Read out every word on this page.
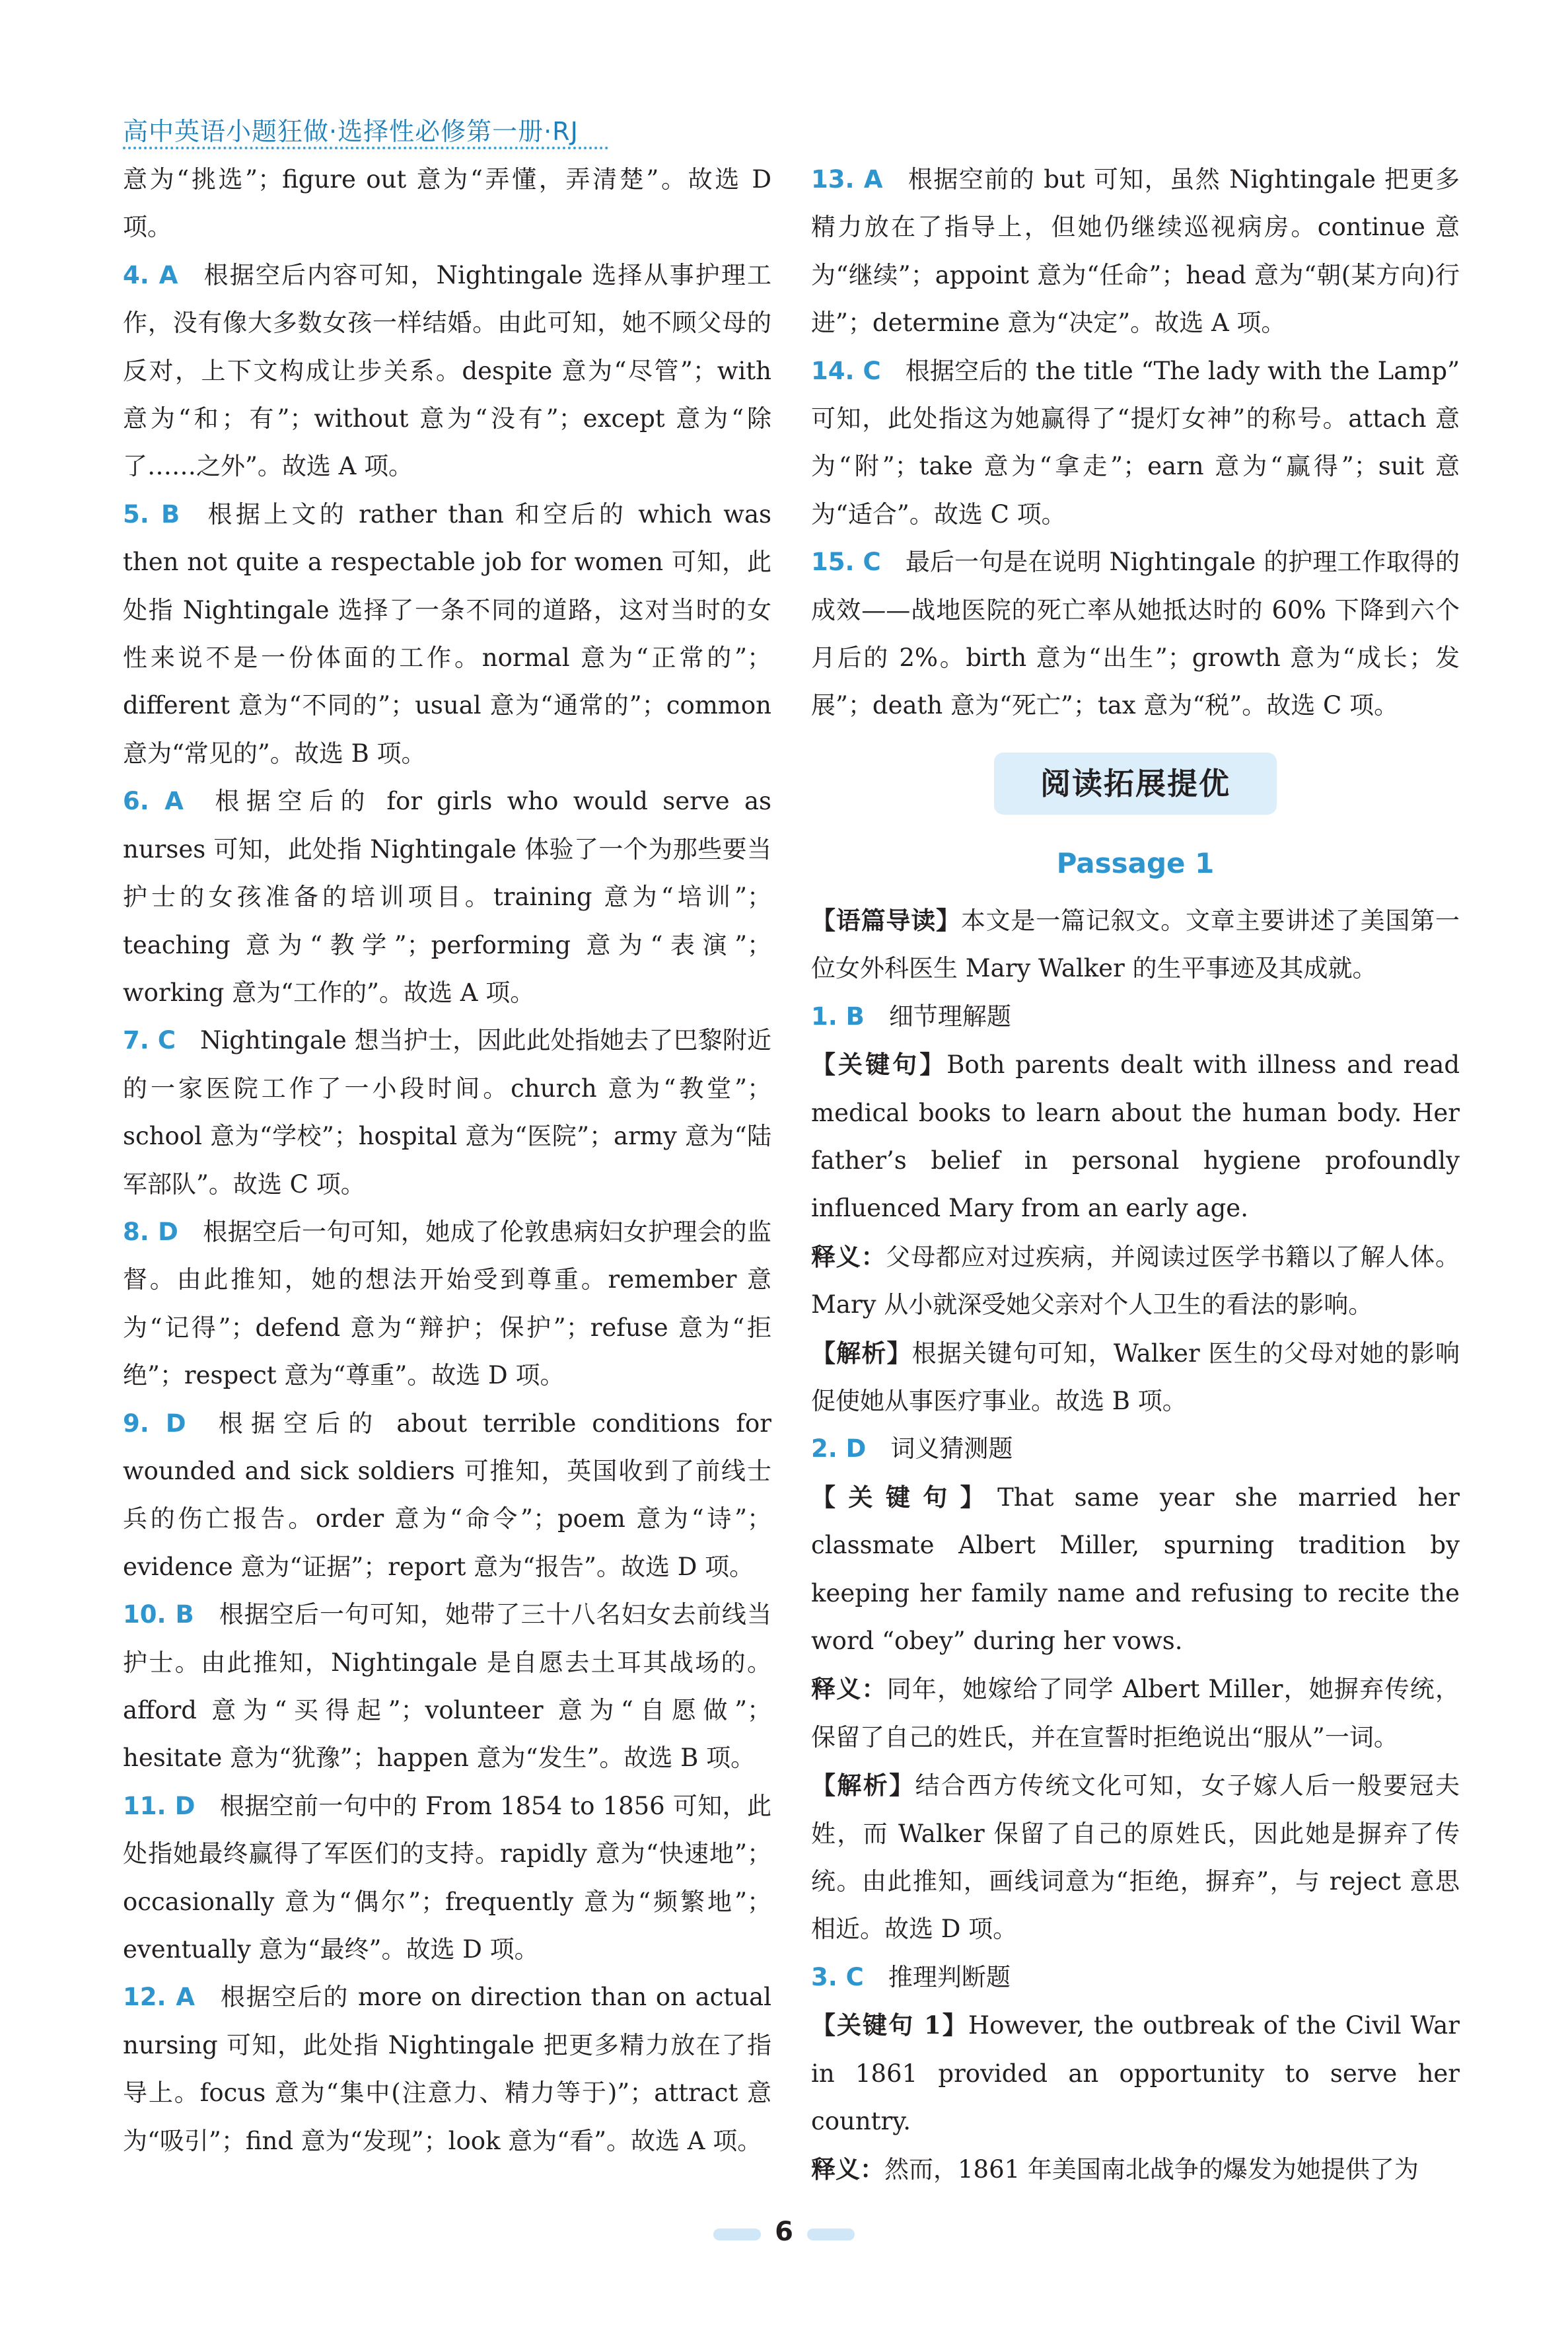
高中英语小题狂做·选择性必修第一册·RJ

意为“挑选”；figure out 意为“弄懂，弄清楚”。故选 D 项。

4. A  根据空后内容可知，Nightingale 选择从事护理工作，没有像大多数女孩一样结婚。由此可知，她不顾父母的反对，上下文构成让步关系。despite 意为“尽管”；with 意为“和；有”；without 意为“没有”；except 意为“除了……之外”。故选 A 项。

5. B  根据上文的 rather than 和空后的 which was then not quite a respectable job for women 可知，此处指 Nightingale 选择了一条不同的道路，这对当时的女性来说不是一份体面的工作。normal 意为“正常的”；different 意为“不同的”；usual 意为“通常的”；common 意为“常见的”。故选 B 项。

6. A  根据空后的 for girls who would serve as nurses 可知，此处指 Nightingale 体验了一个为那些要当护士的女孩准备的培训项目。training 意为“培训”；teaching 意为“教学”；performing 意为“表演”；working 意为“工作的”。故选 A 项。

7. C  Nightingale 想当护士，因此此处指她去了巴黎附近的一家医院工作了一小段时间。church 意为“教堂”；school 意为“学校”；hospital 意为“医院”；army 意为“陆军部队”。故选 C 项。

8. D  根据空后一句可知，她成了伦敦患病妇女护理会的监督。由此推知，她的想法开始受到尊重。remember 意为“记得”；defend 意为“辩护；保护”；refuse 意为“拒绝”；respect 意为“尊重”。故选 D 项。

9. D  根据空后的 about terrible conditions for wounded and sick soldiers 可推知，英国收到了前线士兵的伤亡报告。order 意为“命令”；poem 意为“诗”；evidence 意为“证据”；report 意为“报告”。故选 D 项。

10. B  根据空后一句可知，她带了三十八名妇女去前线当护士。由此推知，Nightingale 是自愿去土耳其战场的。afford 意为“买得起”；volunteer 意为“自愿做”；hesitate 意为“犹豫”；happen 意为“发生”。故选 B 项。

11. D  根据空前一句中的 From 1854 to 1856 可知，此处指她最终赢得了军医们的支持。rapidly 意为“快速地”；occasionally 意为“偶尔”；frequently 意为“频繁地”；eventually 意为“最终”。故选 D 项。

12. A  根据空后的 more on direction than on actual nursing 可知，此处指 Nightingale 把更多精力放在了指导上。focus 意为“集中(注意力、精力等于)”；attract 意为“吸引”；find 意为“发现”；look 意为“看”。故选 A 项。

13. A  根据空前的 but 可知，虽然 Nightingale 把更多精力放在了指导上，但她仍继续巡视病房。continue 意为“继续”；appoint 意为“任命”；head 意为“朝(某方向)行进”；determine 意为“决定”。故选 A 项。

14. C  根据空后的 the title “The lady with the Lamp” 可知，此处指这为她赢得了“提灯女神”的称号。attach 意为“附”；take 意为“拿走”；earn 意为“赢得”；suit 意为“适合”。故选 C 项。

15. C  最后一句是在说明 Nightingale 的护理工作取得的成效——战地医院的死亡率从她抵达时的 60% 下降到六个月后的 2%。birth 意为“出生”；growth 意为“成长；发展”；death 意为“死亡”；tax 意为“税”。故选 C 项。

阅读拓展提优
Passage 1

【语篇导读】本文是一篇记叙文。文章主要讲述了美国第一位女外科医生 Mary Walker 的生平事迹及其成就。

1. B  细节理解题

【关键句】Both parents dealt with illness and read medical books to learn about the human body. Her father’s belief in personal hygiene profoundly influenced Mary from an early age.

释义：父母都应对过疾病，并阅读过医学书籍以了解人体。Mary 从小就深受她父亲对个人卫生的看法的影响。

【解析】根据关键句可知，Walker 医生的父母对她的影响促使她从事医疗事业。故选 B 项。

2. D  词义猜测题

【关键句】That same year she married her classmate Albert Miller, spurning tradition by keeping her family name and refusing to recite the word “obey” during her vows.

释义：同年，她嫁给了同学 Albert Miller，她摒弃传统，保留了自己的姓氏，并在宣誓时拒绝说出“服从”一词。

【解析】结合西方传统文化可知，女子嫁人后一般要冠夫姓，而 Walker 保留了自己的原姓氏，因此她是摒弃了传统。由此推知，画线词意为“拒绝，摒弃”，与 reject 意思相近。故选 D 项。

3. C  推理判断题

【关键句 1】However, the outbreak of the Civil War in 1861 provided an opportunity to serve her country.

释义：然而，1861 年美国南北战争的爆发为她提供了为

6
